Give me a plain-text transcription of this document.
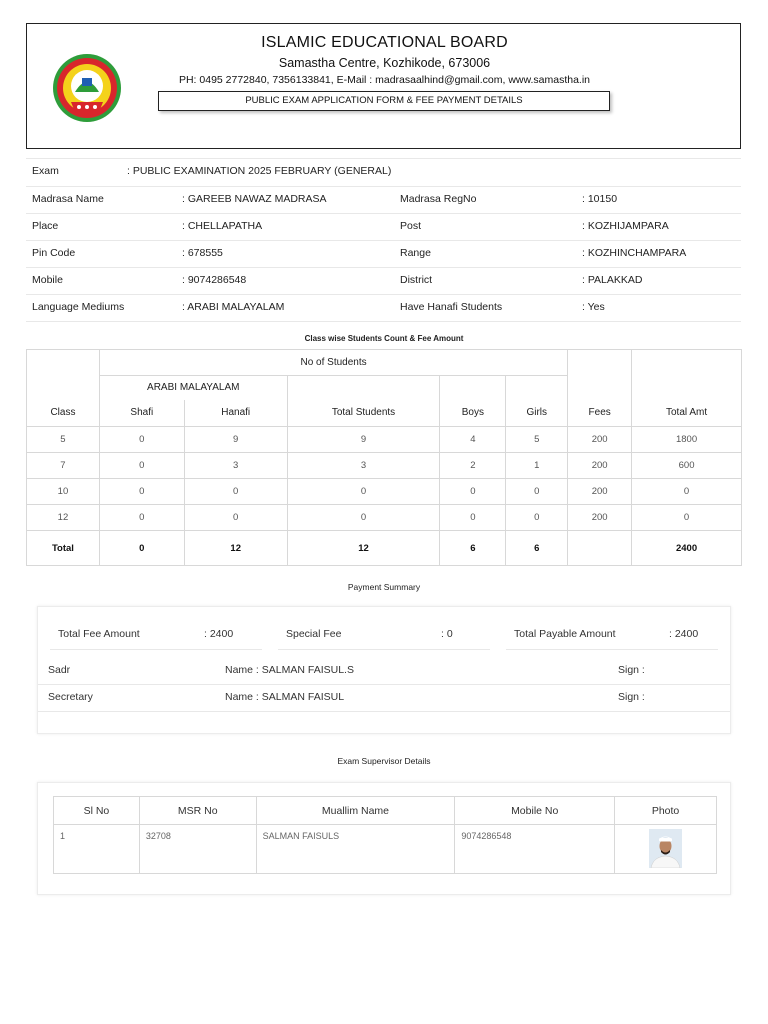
ISLAMIC EDUCATIONAL BOARD
Samastha Centre, Kozhikode, 673006
PH: 0495 2772840, 7356133841, E-Mail : madrasaalhind@gmail.com, www.samastha.in
PUBLIC EXAM APPLICATION FORM & FEE PAYMENT DETAILS
Exam	: PUBLIC EXAMINATION 2025 FEBRUARY (GENERAL)
Madrasa Name	: GAREEB NAWAZ MADRASA	Madrasa RegNo	: 10150
Place	: CHELLAPATHA	Post	: KOZHIJAMPARA
Pin Code	: 678555	Range	: KOZHINCHAMPARA
Mobile	: 9074286548	District	: PALAKKAD
Language Mediums	: ARABI MALAYALAM	Have Hanafi Students	: Yes
Class wise Students Count & Fee Amount
Class	No of Students					Fees	Total Amt
	ARABI MALAYALAM		Total Students	Boys	Girls		
	Shafi	Hanafi					
5	0	9	9	4	5	200	1800
7	0	3	3	2	1	200	600
10	0	0	0	0	0	200	0
12	0	0	0	0	0	200	0
Total	0	12	12	6	6		2400
Payment Summary
Total Fee Amount	: 2400	Special Fee	: 0	Total Payable Amount	: 2400
Sadr	Name : SALMAN FAISUL.S	Sign :
Secretary	Name : SALMAN FAISUL	Sign :
Exam Supervisor Details
Sl No	MSR No	Muallim Name	Mobile No	Photo
1	32708	SALMAN FAISULS	9074286548	
